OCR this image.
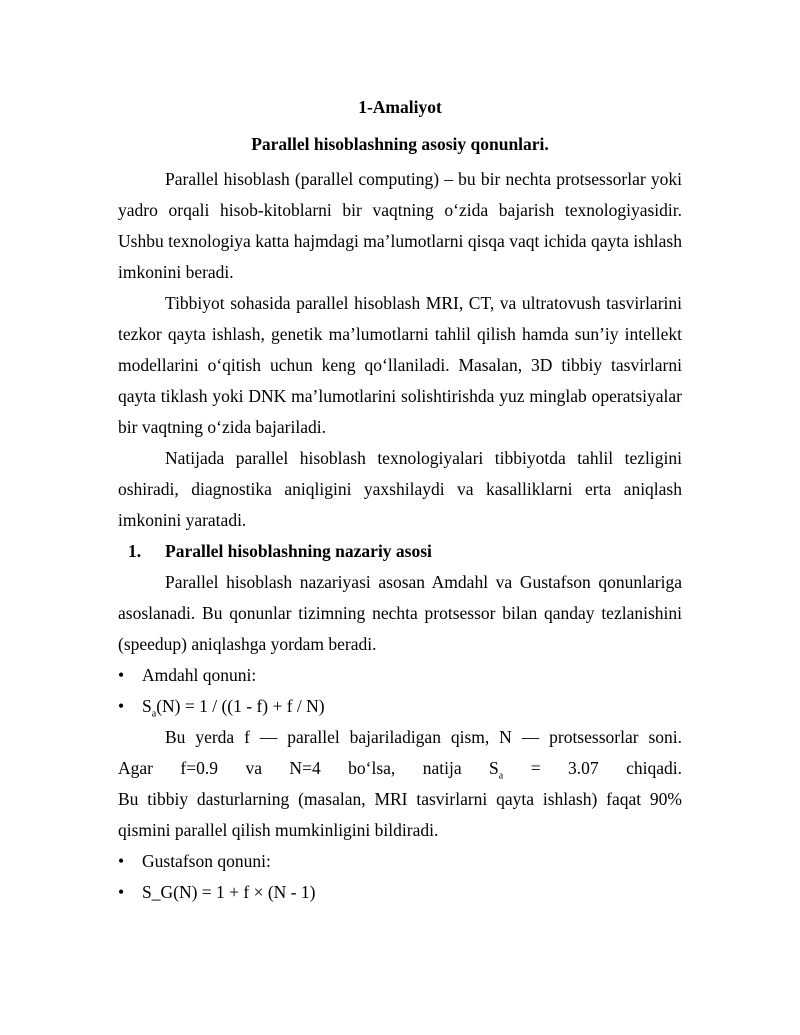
1-Amaliyot

Parallel hisoblashning asosiy qonunlari.

Parallel hisoblash (parallel computing) – bu bir nechta protsessorlar yoki yadro orqali hisob-kitoblarni bir vaqtning o‘zida bajarish texnologiyasidir. Ushbu texnologiya katta hajmdagi ma’lumotlarni qisqa vaqt ichida qayta ishlash imkonini beradi.

Tibbiyot sohasida parallel hisoblash MRI, CT, va ultratovush tasvirlarini tezkor qayta ishlash, genetik ma’lumotlarni tahlil qilish hamda sun’iy intellekt modellarini o‘qitish uchun keng qo‘llaniladi. Masalan, 3D tibbiy tasvirlarni qayta tiklash yoki DNK ma’lumotlarini solishtirishda yuz minglab operatsiyalar bir vaqtning o‘zida bajariladi.

Natijada parallel hisoblash texnologiyalari tibbiyotda tahlil tezligini oshiradi, diagnostika aniqligini yaxshilaydi va kasalliklarni erta aniqlash imkonini yaratadi.

1. Parallel hisoblashning nazariy asosi

Parallel hisoblash nazariyasi asosan Amdahl va Gustafson qonunlariga asoslanadi. Bu qonunlar tizimning nechta protsessor bilan qanday tezlanishini (speedup) aniqlashga yordam beradi.

• Amdahl qonuni:

• $S_a(N) = 1 / ((1 - f) + f / N)$

Bu yerda f — parallel bajariladigan qism, N — protsessorlar soni.

Agar f=0.9 va N=4 bo‘lsa, natija $S_a = 3.07$ chiqadi.

Bu tibbiy dasturlarning (masalan, MRI tasvirlarni qayta ishlash) faqat 90% qismini parallel qilish mumkinligini bildiradi.

• Gustafson qonuni:

• S_G(N) = 1 + f × (N - 1)
